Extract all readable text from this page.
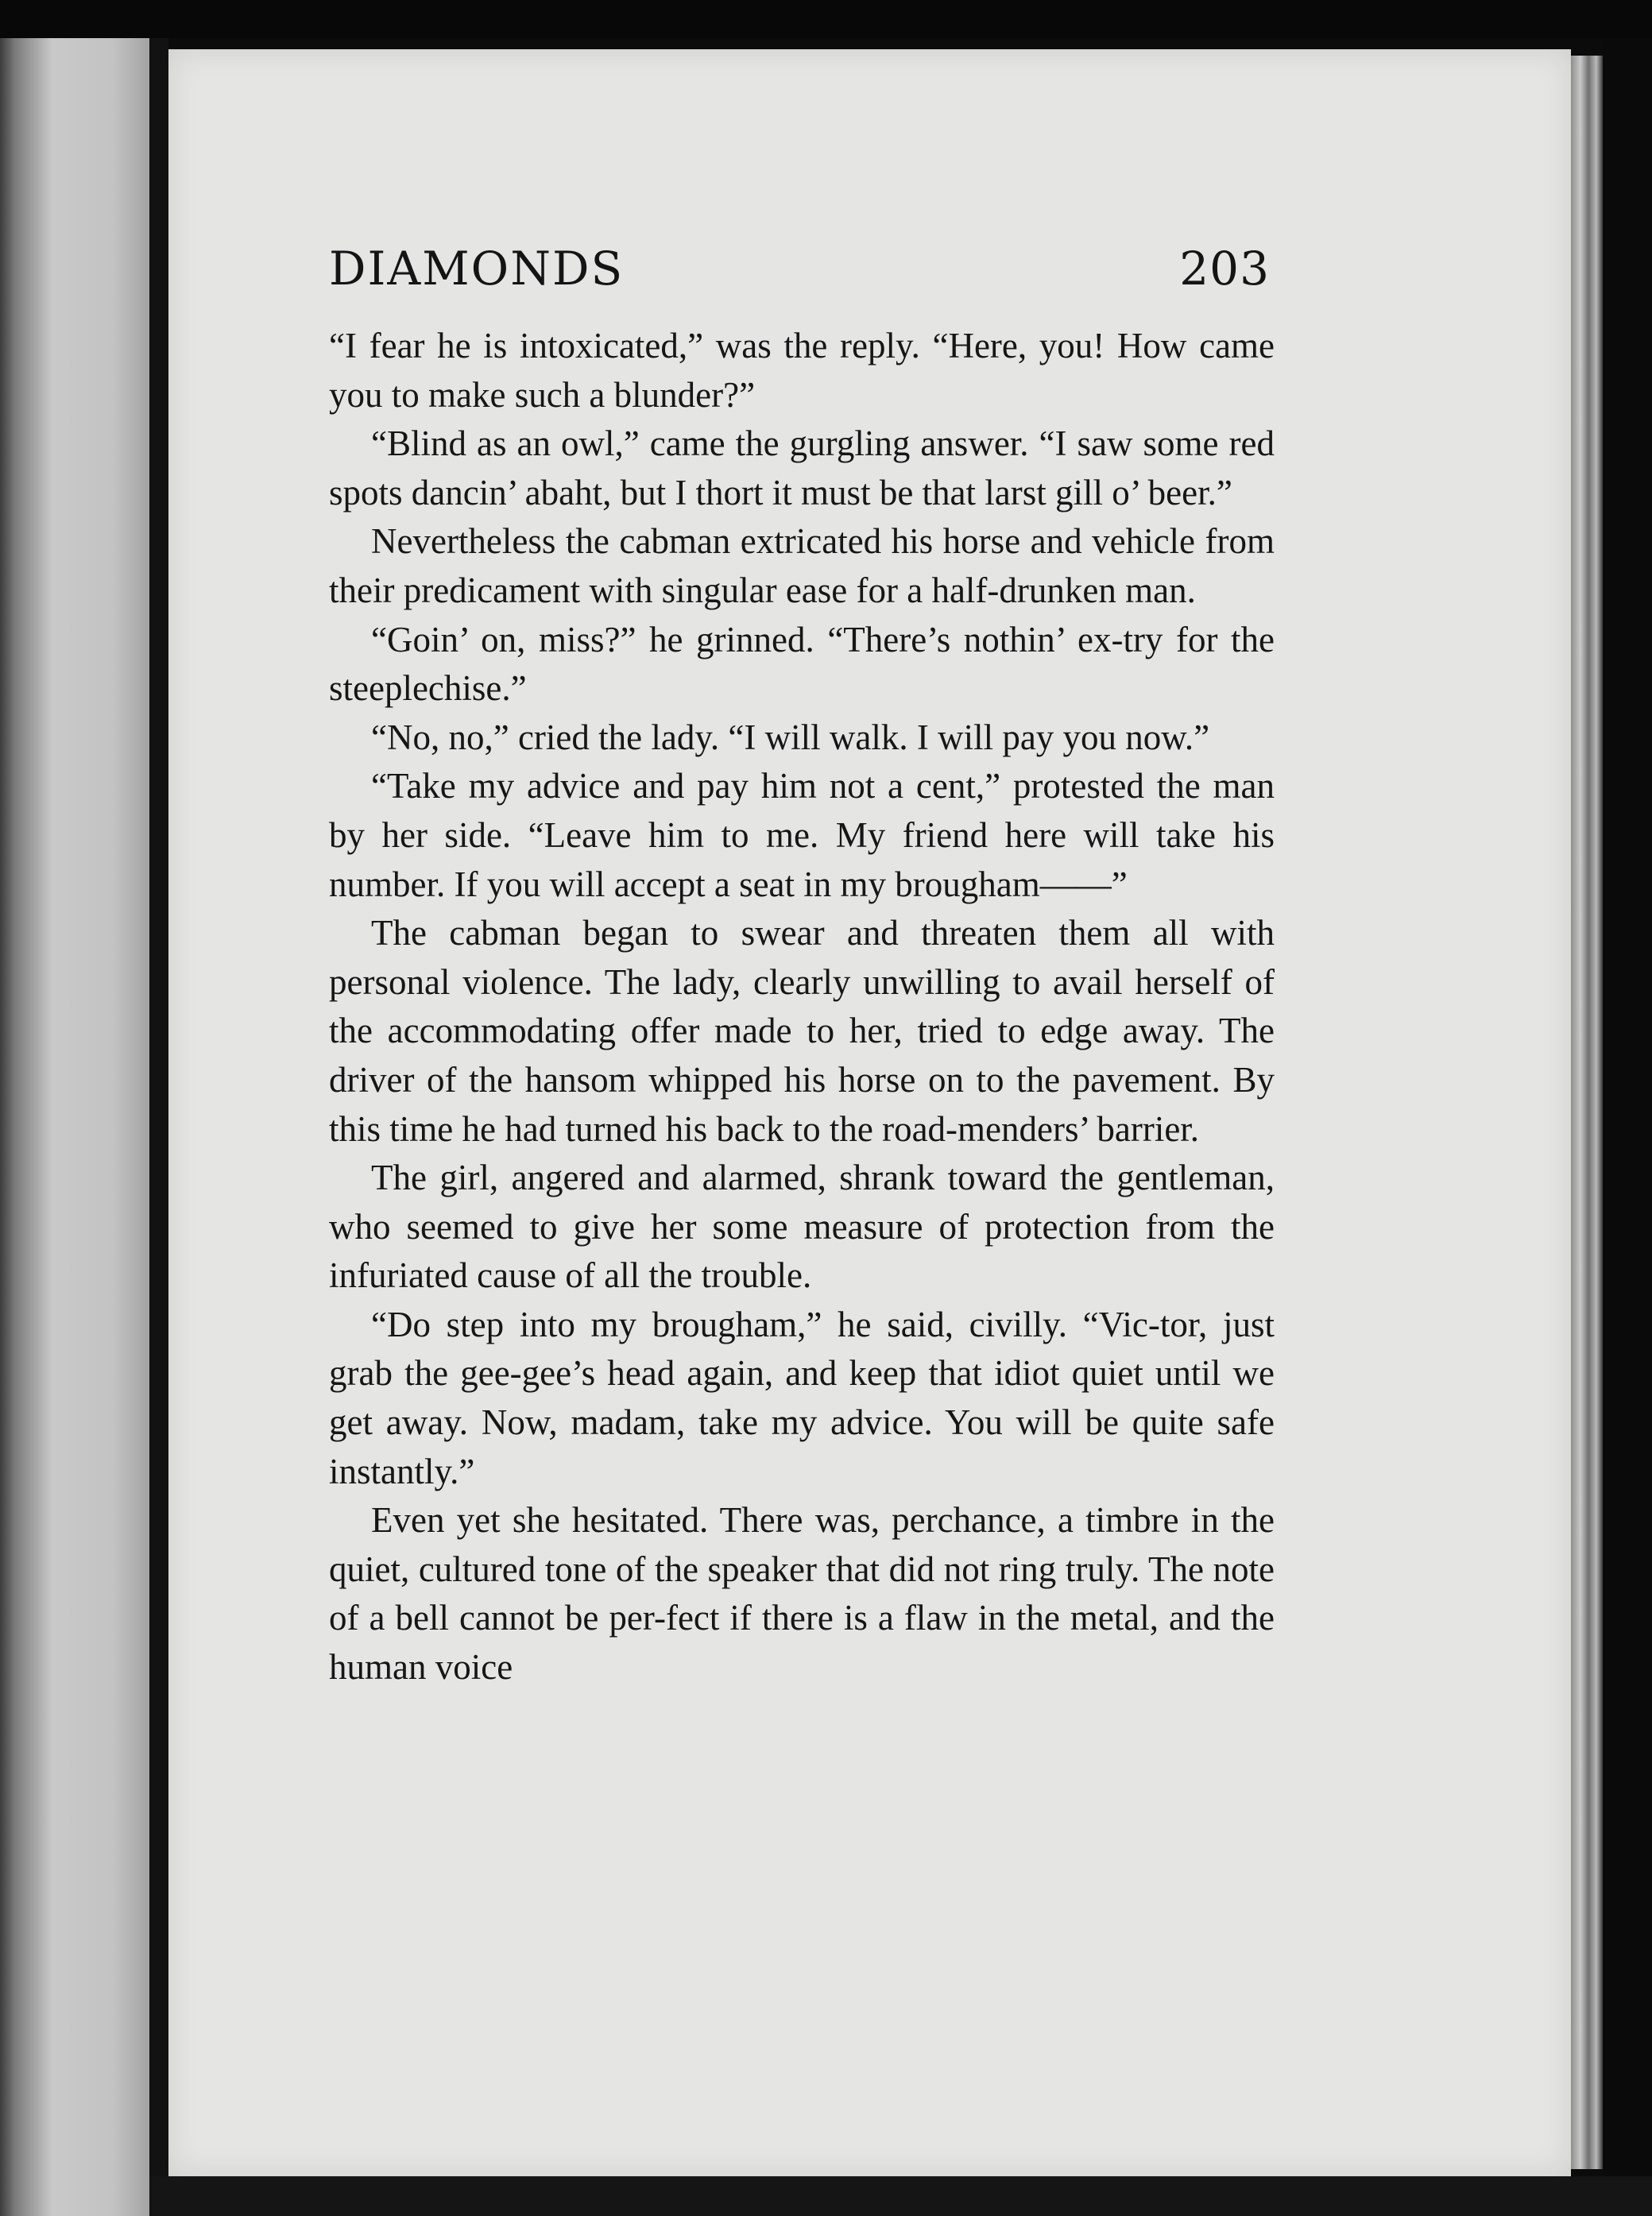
DIAMONDS	203

“I fear he is intoxicated,” was the reply. “Here, you! How came you to make such a blunder?”

“Blind as an owl,” came the gurgling answer. “I saw some red spots dancin’ abaht, but I thort it must be that larst gill o’ beer.”

Nevertheless the cabman extricated his horse and vehicle from their predicament with singular ease for a half-drunken man.

“Goin’ on, miss?” he grinned. “There’s nothin’ ex-try for the steeplechise.”

“No, no,” cried the lady. “I will walk. I will pay you now.”

“Take my advice and pay him not a cent,” protested the man by her side. “Leave him to me. My friend here will take his number. If you will accept a seat in my brougham——”

The cabman began to swear and threaten them all with personal violence. The lady, clearly unwilling to avail herself of the accommodating offer made to her, tried to edge away. The driver of the hansom whipped his horse on to the pavement. By this time he had turned his back to the road-menders’ barrier.

The girl, angered and alarmed, shrank toward the gentleman, who seemed to give her some measure of protection from the infuriated cause of all the trouble.

“Do step into my brougham,” he said, civilly. “Vic-tor, just grab the gee-gee’s head again, and keep that idiot quiet until we get away. Now, madam, take my advice. You will be quite safe instantly.”

Even yet she hesitated. There was, perchance, a timbre in the quiet, cultured tone of the speaker that did not ring truly. The note of a bell cannot be per-fect if there is a flaw in the metal, and the human voice
